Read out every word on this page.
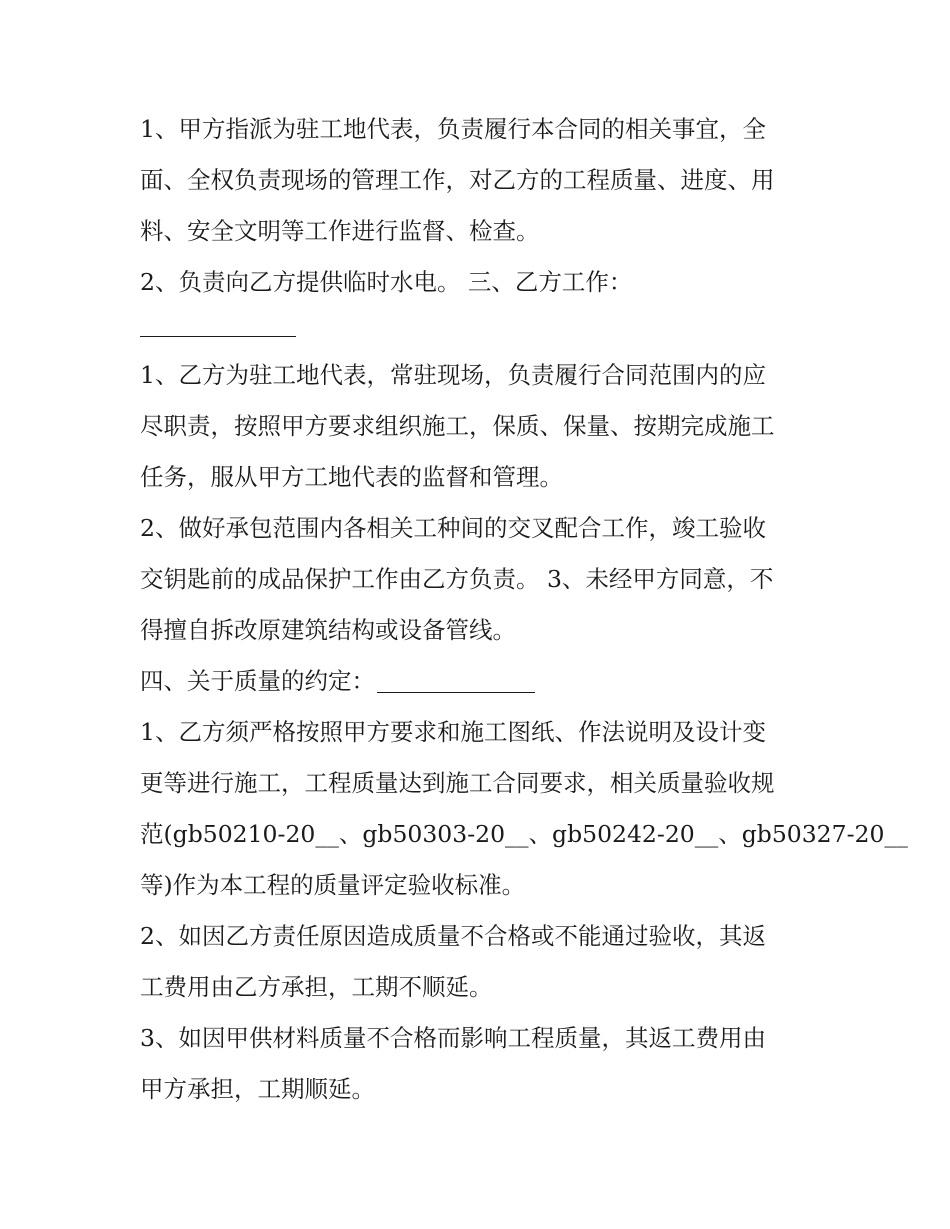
1、甲方指派为驻工地代表，负责履行本合同的相关事宜，全
面、全权负责现场的管理工作，对乙方的工程质量、进度、用
料、安全文明等工作进行监督、检查。
2、负责向乙方提供临时水电。 三、乙方工作：
1、乙方为驻工地代表，常驻现场，负责履行合同范围内的应
尽职责，按照甲方要求组织施工，保质、保量、按期完成施工
任务，服从甲方工地代表的监督和管理。
2、做好承包范围内各相关工种间的交叉配合工作，竣工验收
交钥匙前的成品保护工作由乙方负责。 3、未经甲方同意，不
得擅自拆改原建筑结构或设备管线。
四、关于质量的约定：
1、乙方须严格按照甲方要求和施工图纸、作法说明及设计变
更等进行施工，工程质量达到施工合同要求，相关质量验收规
范(gb50210-20__、gb50303-20__、gb50242-20__、gb50327-20__
等)作为本工程的质量评定验收标准。
2、如因乙方责任原因造成质量不合格或不能通过验收，其返
工费用由乙方承担，工期不顺延。
3、如因甲供材料质量不合格而影响工程质量，其返工费用由
甲方承担，工期顺延。
